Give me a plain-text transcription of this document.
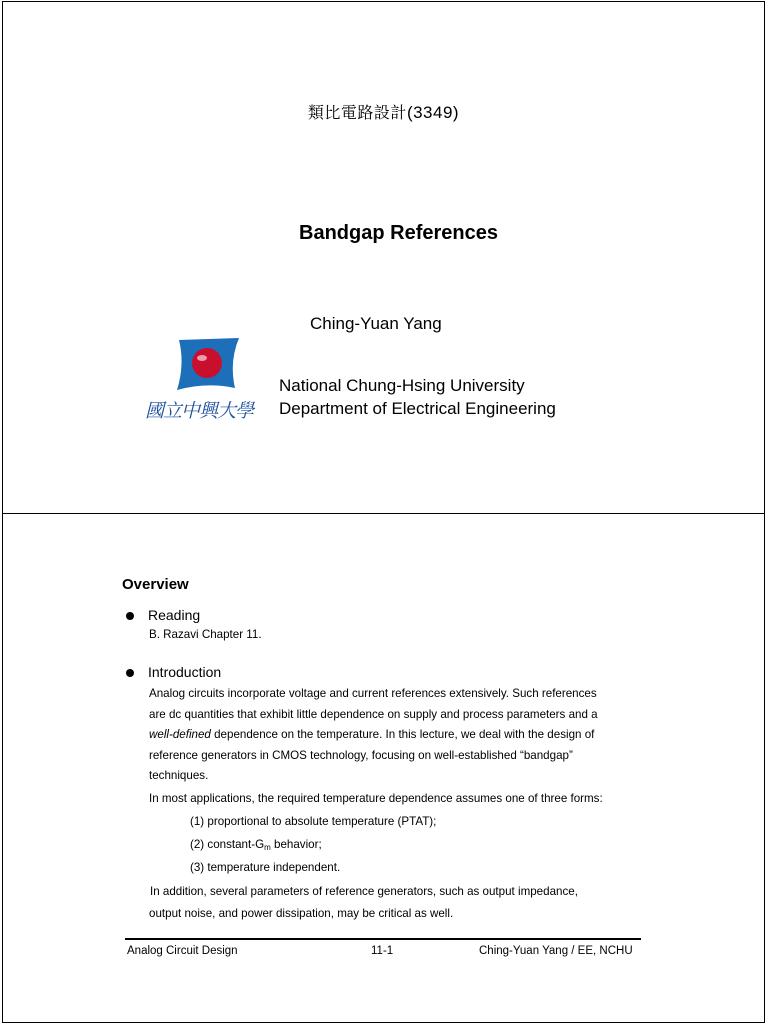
類比電路設計(3349)
Bandgap References
Ching-Yuan Yang
國立中興大學
National Chung-Hsing University
Department of Electrical Engineering
Overview
Reading
B. Razavi Chapter 11.
Introduction
Analog circuits incorporate voltage and current references extensively. Such references
are dc quantities that exhibit little dependence on supply and process parameters and a
well-defined dependence on the temperature. In this lecture, we deal with the design of
reference generators in CMOS technology, focusing on well-established “bandgap”
techniques.
In most applications, the required temperature dependence assumes one of three forms:
(1) proportional to absolute temperature (PTAT);
(2) constant-$G_m$ behavior;
(3) temperature independent.
In addition, several parameters of reference generators, such as output impedance,
output noise, and power dissipation, may be critical as well.
Analog Circuit Design	11-1	Ching-Yuan Yang / EE, NCHU
